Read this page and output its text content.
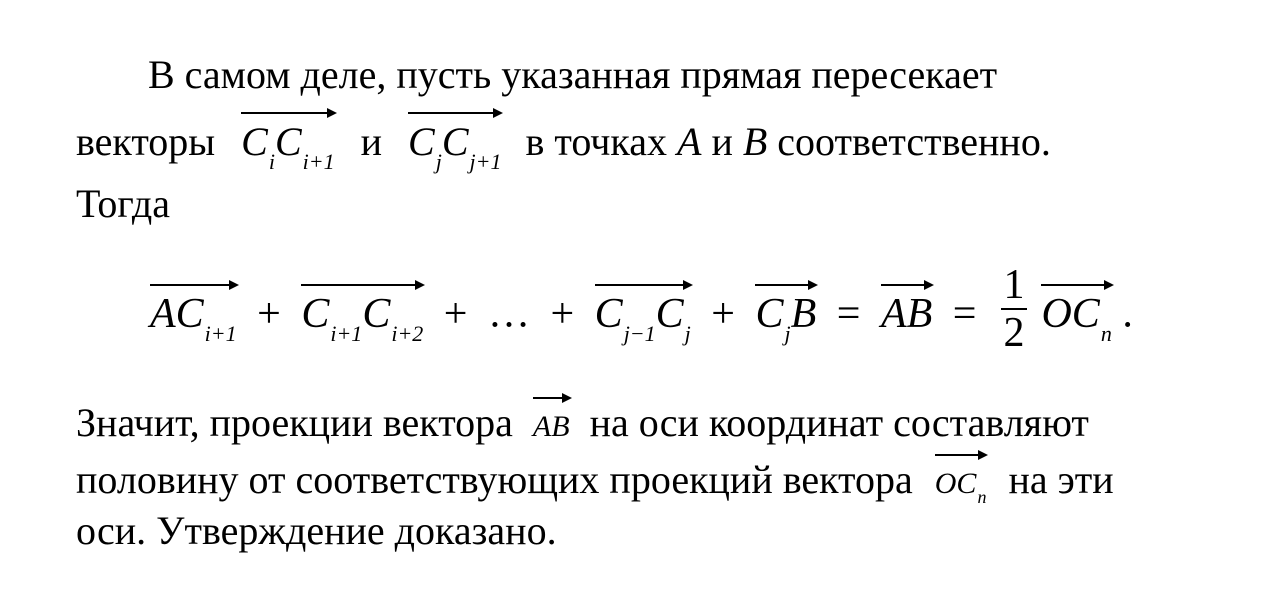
В самом деле, пусть указанная прямая пересекает
векторы $C_iC_{i+1}$ и $C_jC_{j+1}$ в точках A и B соответственно.
Тогда
$AC_{i+1} + C_{i+1}C_{i+2}$ + … + $C_{j-1}C_j + C_jB$ = AB = $\frac{1}{2}$
$OC_n$ .
Значит, проекции вектора AB на оси координат составляют
половину от соответствующих проекций вектора $OC_n$ на эти
оси. Утверждение доказано.
